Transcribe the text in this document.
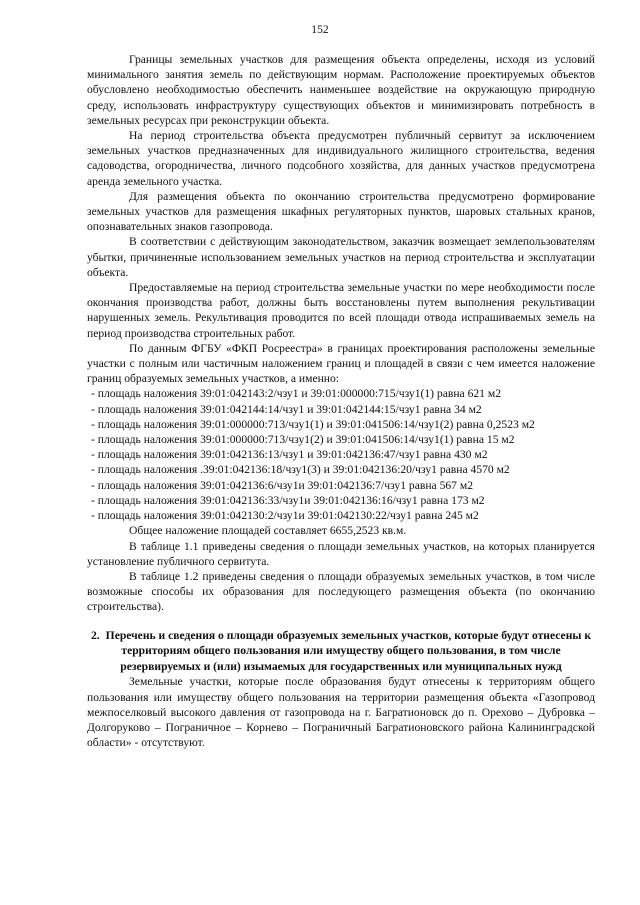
152

Границы земельных участков для размещения объекта определены, исходя из условий минимального занятия земель по действующим нормам. Расположение проектируемых объектов обусловлено необходимостью обеспечить наименьшее воздействие на окружающую природную среду, использовать инфраструктуру существующих объектов и минимизировать потребность в земельных ресурсах при реконструкции объекта.

На период строительства объекта предусмотрен публичный сервитут за исключением земельных участков предназначенных для индивидуального жилищного строительства, ведения садоводства, огородничества, личного подсобного хозяйства, для данных участков предусмотрена аренда земельного участка.

Для размещения объекта по окончанию строительства предусмотрено формирование земельных участков для размещения шкафных регуляторных пунктов, шаровых стальных кранов, опознавательных знаков газопровода.

В соответствии с действующим законодательством, заказчик возмещает землепользователям убытки, причиненные использованием земельных участков на период строительства и эксплуатации объекта.

Предоставляемые на период строительства земельные участки по мере необходимости после окончания производства работ, должны быть восстановлены путем выполнения рекультивации нарушенных земель. Рекультивация проводится по всей площади отвода испрашиваемых земель на период производства строительных работ.

По данным ФГБУ «ФКП Росреестра» в границах проектирования расположены земельные участки с полным или частичным наложением границ и площадей в связи с чем имеется наложение границ образуемых земельных участков, а именно:

- площадь наложения 39:01:042143:2/чзу1 и 39:01:000000:715/чзу1(1) равна 621 м2
- площадь наложения 39:01:042144:14/чзу1 и 39:01:042144:15/чзу1 равна 34 м2
- площадь наложения 39:01:000000:713/чзу1(1) и 39:01:041506:14/чзу1(2) равна 0,2523 м2
- площадь наложения 39:01:000000:713/чзу1(2) и 39:01:041506:14/чзу1(1) равна 15 м2
- площадь наложения 39:01:042136:13/чзу1 и 39:01:042136:47/чзу1 равна 430 м2
- площадь наложения .39:01:042136:18/чзу1(3) и 39:01:042136:20/чзу1 равна 4570 м2
- площадь наложения 39:01:042136:6/чзу1и 39:01:042136:7/чзу1 равна 567 м2
- площадь наложения 39:01:042136:33/чзу1и 39:01:042136:16/чзу1 равна 173 м2
- площадь наложения 39:01:042130:2/чзу1и 39:01:042130:22/чзу1 равна 245 м2

Общее наложение площадей составляет 6655,2523 кв.м.

В таблице 1.1 приведены сведения о площади земельных участков, на которых планируется установление публичного сервитута.

В таблице 1.2 приведены сведения о площади образуемых земельных участков, в том числе возможные способы их образования для последующего размещения объекта (по окончанию строительства).

2. Перечень и сведения о площади образуемых земельных участков, которые будут отнесены к территориям общего пользования или имуществу общего пользования, в том числе резервируемых и (или) изымаемых для государственных или муниципальных нужд

Земельные участки, которые после образования будут отнесены к территориям общего пользования или имуществу общего пользования на территории размещения объекта «Газопровод межпоселковый высокого давления от газопровода на г. Багратионовск до п. Орехово – Дубровка – Долгоруково – Пограничное – Корнево – Пограничный Багратионовского района Калининградской области» - отсутствуют.
